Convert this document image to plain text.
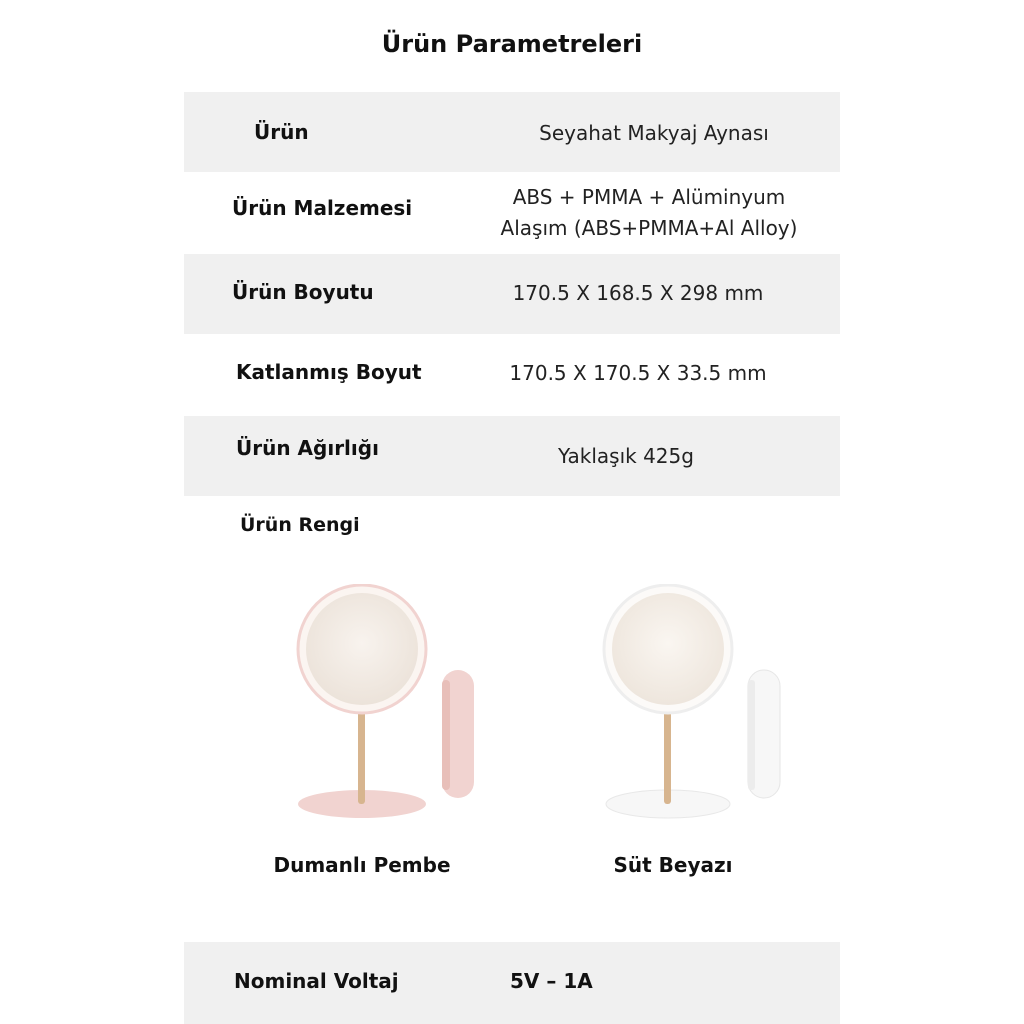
Ürün Parametreleri
Ürün	Seyahat Makyaj Aynası
Ürün Malzemesi	ABS + PMMA + Alüminyum
Alaşım (ABS+PMMA+Al Alloy)
Ürün Boyutu	170.5 X 168.5 X 298 mm
Katlanmış Boyut	170.5 X 170.5 X 33.5 mm
Ürün Ağırlığı	Yaklaşık 425g
Ürün Rengi
Dumanlı Pembe	Süt Beyazı
Nominal Voltaj	5V – 1A
